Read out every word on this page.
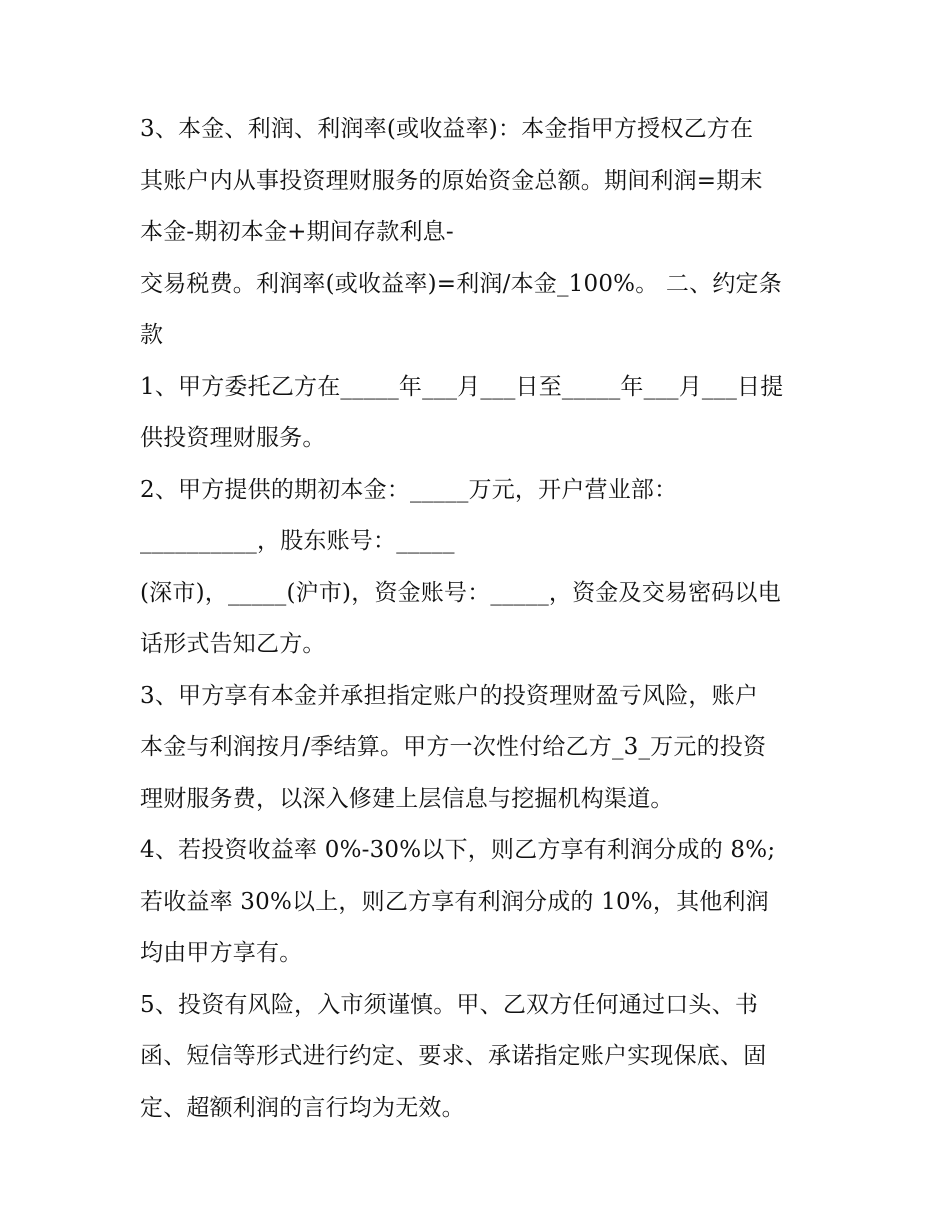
3、本金、利润、利润率(或收益率)：本金指甲方授权乙方在
其账户内从事投资理财服务的原始资金总额。期间利润=期末
本金-期初本金+期间存款利息-
交易税费。利润率(或收益率)=利润/本金_100%。 二、约定条
款
1、甲方委托乙方在_____年___月___日至_____年___月___日提
供投资理财服务。
2、甲方提供的期初本金：_____万元，开户营业部：
__________，股东账号：_____
(深市)，_____(沪市)，资金账号：_____，资金及交易密码以电
话形式告知乙方。
3、甲方享有本金并承担指定账户的投资理财盈亏风险，账户
本金与利润按月/季结算。甲方一次性付给乙方_3_万元的投资
理财服务费，以深入修建上层信息与挖掘机构渠道。
4、若投资收益率 0%-30%以下，则乙方享有利润分成的 8%;
若收益率 30%以上，则乙方享有利润分成的 10%，其他利润
均由甲方享有。
5、投资有风险，入市须谨慎。甲、乙双方任何通过口头、书
函、短信等形式进行约定、要求、承诺指定账户实现保底、固
定、超额利润的言行均为无效。
